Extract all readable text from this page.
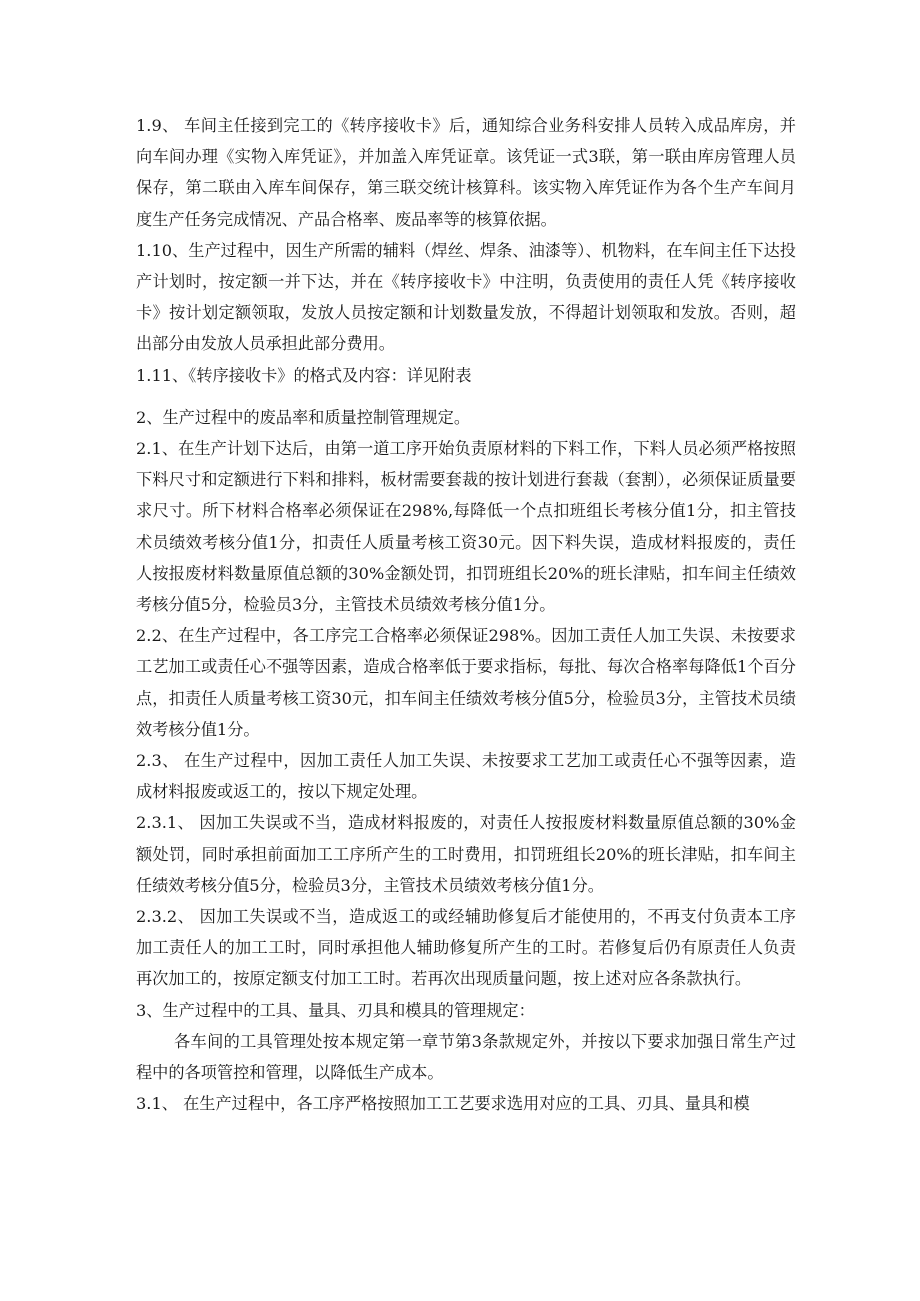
1.9、 车间主任接到完工的《转序接收卡》后，通知综合业务科安排人员转入成品库房，并向车间办理《实物入库凭证》，并加盖入库凭证章。该凭证一式3联，第一联由库房管理人员保存，第二联由入库车间保存，第三联交统计核算科。该实物入库凭证作为各个生产车间月度生产任务完成情况、产品合格率、废品率等的核算依据。

1.10、生产过程中，因生产所需的辅料（焊丝、焊条、油漆等）、机物料，在车间主任下达投产计划时，按定额一并下达，并在《转序接收卡》中注明，负责使用的责任人凭《转序接收卡》按计划定额领取，发放人员按定额和计划数量发放，不得超计划领取和发放。否则，超出部分由发放人员承担此部分费用。

1.11、《转序接收卡》的格式及内容：详见附表

2、生产过程中的废品率和质量控制管理规定。

2.1、在生产计划下达后，由第一道工序开始负责原材料的下料工作，下料人员必须严格按照下料尺寸和定额进行下料和排料，板材需要套裁的按计划进行套裁（套割），必须保证质量要求尺寸。所下材料合格率必须保证在298%,每降低一个点扣班组长考核分值1分，扣主管技术员绩效考核分值1分，扣责任人质量考核工资30元。因下料失误，造成材料报废的，责任人按报废材料数量原值总额的30%金额处罚，扣罚班组长20%的班长津贴，扣车间主任绩效考核分值5分，检验员3分，主管技术员绩效考核分值1分。

2.2、在生产过程中，各工序完工合格率必须保证298%。因加工责任人加工失误、未按要求工艺加工或责任心不强等因素，造成合格率低于要求指标，每批、每次合格率每降低1个百分点，扣责任人质量考核工资30元，扣车间主任绩效考核分值5分，检验员3分，主管技术员绩效考核分值1分。

2.3、 在生产过程中，因加工责任人加工失误、未按要求工艺加工或责任心不强等因素，造成材料报废或返工的，按以下规定处理。

2.3.1、 因加工失误或不当，造成材料报废的，对责任人按报废材料数量原值总额的30%金额处罚，同时承担前面加工工序所产生的工时费用，扣罚班组长20%的班长津贴，扣车间主任绩效考核分值5分，检验员3分，主管技术员绩效考核分值1分。

2.3.2、 因加工失误或不当，造成返工的或经辅助修复后才能使用的，不再支付负责本工序加工责任人的加工工时，同时承担他人辅助修复所产生的工时。若修复后仍有原责任人负责再次加工的，按原定额支付加工工时。若再次出现质量问题，按上述对应各条款执行。

3、生产过程中的工具、量具、刃具和模具的管理规定：

各车间的工具管理处按本规定第一章节第3条款规定外，并按以下要求加强日常生产过程中的各项管控和管理，以降低生产成本。

3.1、 在生产过程中，各工序严格按照加工工艺要求选用对应的工具、刃具、量具和模
